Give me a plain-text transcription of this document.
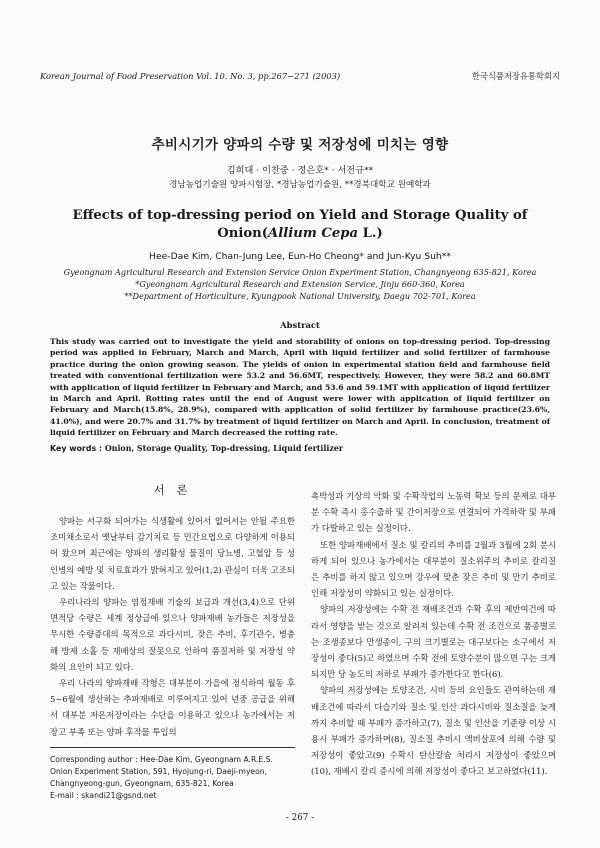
Korean Journal of Food Preservation Vol. 10. No. 3, pp.267~271 (2003)	한국식품저장유통학회지
추비시기가 양파의 수량 및 저장성에 미치는 영향
김희대 · 이찬중 · 정은호* · 서전규**
경남농업기술원 양파시험장, *경남농업기술원, **경북대학교 원예학과
Effects of top-dressing period on Yield and Storage Quality of
Onion(Allium Cepa L.)
Hee-Dae Kim, Chan-Jung Lee, Eun-Ho Cheong* and Jun-Kyu Suh**
Gyeongnam Agricultural Research and Extension Service Onion Experiment Station, Changnyeong 635-821, Korea
*Gyeongnam Agricultural Research and Extension Service, Jinju 660-360, Korea
**Department of Horticulture, Kyungpook National University, Daegu 702-701, Korea
Abstract

This study was carried out to investigate the yield and storability of onions on top-dressing period. Top-dressing period was applied in February, March and March, April with liquid fertilizer and solid fertilizer of farmhouse practice during the onion growing season. The yields of onion in experimental station field and farmhouse field treated with conventional fertilization were 53.2 and 56.6MT, respectively. However, they were 58.2 and 60.8MT with application of liquid fertilizer in February and March, and 53.6 and 59.1MT with application of liquid fertilizer in March and April. Rotting rates until the end of August were lower with application of liquid fertilizer on February and March(15.8%, 28.9%), compared with application of solid fertilizer by farmhouse practice(23.6%, 41.0%), and were 20.7% and 31.7% by treatment of liquid fertilizer on March and April. In conclusion, treatment of liquid fertilizer on February and March decreased the rotting rate.

Key words : Onion, Storage Quality, Top-dressing, Liquid fertilizer
서 론

양파는 서구화 되어가는 식생활에 있어서 없어서는 안될 주요한 조미채소로서 옛날부터 감기치료 등 민간요법으로 다양하게 이용되어 왔으며 최근에는 양파의 생리활성 물질이 당뇨병, 고혈압 등 성인병의 예방 및 치료효과가 밝혀지고 있어(1,2) 관심이 더욱 고조되고 있는 작물이다.

우리나라의 양파는 염정재배 기술의 보급과 개선(3,4)으로 단위면적당 수량은 세계 정상급에 있으나 양파재배 농가들은 저장성을 무시한 수량증대의 목적으로 과다시비, 잦은 추비, 후기관수, 병충해 방제 소홀 등 재배상의 잘못으로 인하여 품질저하 및 저장성 약화의 요인이 되고 있다.

우리 나라의 양파재배 작형은 대부분이 가을에 정식하여 월동 후 5~6월에 생산하는 추파재배로 이루어지고 있어 년중 공급을 위해서 대부분 저온저장이라는 수단을 이용하고 있으나 농가에서는 저장고 부족 또는 양파 후작물 투입의

촉박성과 기상의 악화 및 수확작업의 노동력 확보 등의 문제로 대부분 수확 즉시 홍수출하 및 간이저장으로 연결되어 가격하락 및 부패가 다발하고 있는 실정이다.

또한 양파재배에서 질소 및 칼리의 추비를 2월과 3월에 2회 분시하게 되어 있으나 농가에서는 대부분이 질소위주의 추비로 칼리질은 추비를 하지 않고 있으며 강우에 맞춘 잦은 추비 및 만기 추비로 인해 저장성이 약화되고 있는 실정이다.

양파의 저장성에는 수확 전 재배조건과 수확 후의 제반여건에 따라서 영향을 받는 것으로 알려져 있는데 수확 전 조건으로 품종별로는 조생종보다 만생종이, 구의 크기별로는 대구보다는 소구에서 저장성이 좋다(5)고 하였으며 수확 전에 토양수분이 많으면 구는 크게 되지만 당 농도의 저하로 부패가 증가한다고 한다(6).

양파의 저장성에는 토양조건, 시비 등의 요인들도 관여하는데 재배조건에 따라서 다습기와 질소 및 인산 과다시비와 질소질을 늦게까지 추비할 때 부패가 증가하고(7), 질소 및 인산을 기준량 이상 시용시 부패가 증가하며(8), 질소질 추비시 액비살포에 의해 수량 및 저장성이 좋았고(9) 수확시 탄산칼슘 처리시 저장성이 좋았으며(10), 재배시 칼리 증시에 의해 저장성이 좋다고 보고하였다(11).

Corresponding author : Hee-Dae Kim, Gyeongnam A.R.E.S.
Onion Experiment Station, 591, Hyojung-ri, Daeji-myeon,
Changnyeong-gun, Gyeongnam, 635-821, Korea
E-mail : skandi21@gsnd.net
- 267 -
